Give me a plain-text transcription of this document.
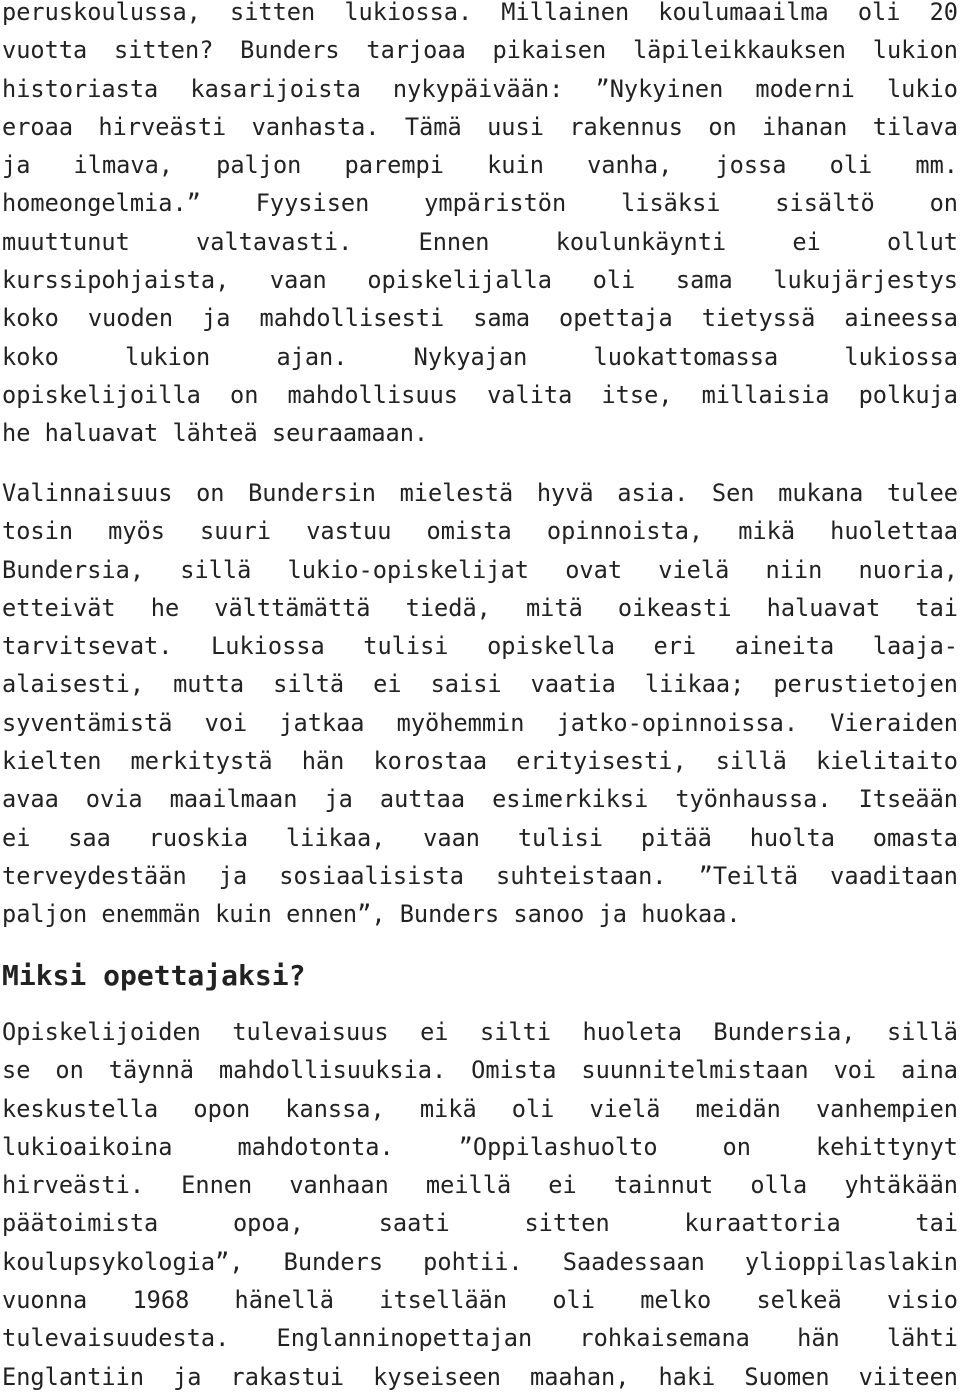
peruskoulussa, sitten lukiossa. Millainen koulumaailma oli 20
vuotta sitten? Bunders tarjoaa pikaisen läpileikkauksen lukion
historiasta kasarijoista nykypäivään: ”Nykyinen moderni lukio
eroaa hirveästi vanhasta. Tämä uusi rakennus on ihanan tilava
ja ilmava, paljon parempi kuin vanha, jossa oli mm.
homeongelmia.” Fyysisen ympäristön lisäksi sisältö on
muuttunut valtavasti. Ennen koulunkäynti ei ollut
kurssipohjaista, vaan opiskelijalla oli sama lukujärjestys
koko vuoden ja mahdollisesti sama opettaja tietyssä aineessa
koko lukion ajan. Nykyajan luokattomassa lukiossa
opiskelijoilla on mahdollisuus valita itse, millaisia polkuja
he haluavat lähteä seuraamaan.

Valinnaisuus on Bundersin mielestä hyvä asia. Sen mukana tulee
tosin myös suuri vastuu omista opinnoista, mikä huolettaa
Bundersia, sillä lukio-opiskelijat ovat vielä niin nuoria,
etteivät he välttämättä tiedä, mitä oikeasti haluavat tai
tarvitsevat. Lukiossa tulisi opiskella eri aineita laaja-
alaisesti, mutta siltä ei saisi vaatia liikaa; perustietojen
syventämistä voi jatkaa myöhemmin jatko-opinnoissa. Vieraiden
kielten merkitystä hän korostaa erityisesti, sillä kielitaito
avaa ovia maailmaan ja auttaa esimerkiksi työnhaussa. Itseään
ei saa ruoskia liikaa, vaan tulisi pitää huolta omasta
terveydestään ja sosiaalisista suhteistaan. ”Teiltä vaaditaan
paljon enemmän kuin ennen”, Bunders sanoo ja huokaa.

Miksi opettajaksi?

Opiskelijoiden tulevaisuus ei silti huoleta Bundersia, sillä
se on täynnä mahdollisuuksia. Omista suunnitelmistaan voi aina
keskustella opon kanssa, mikä oli vielä meidän vanhempien
lukioaikoina mahdotonta. ”Oppilashuolto on kehittynyt
hirveästi. Ennen vanhaan meillä ei tainnut olla yhtäkään
päätoimista opoa, saati sitten kuraattoria tai
koulupsykologia”, Bunders pohtii. Saadessaan ylioppilaslakin
vuonna 1968 hänellä itsellään oli melko selkeä visio
tulevaisuudesta. Englanninopettajan rohkaisemana hän lähti
Englantiin ja rakastui kyseiseen maahan, haki Suomen viiteen
